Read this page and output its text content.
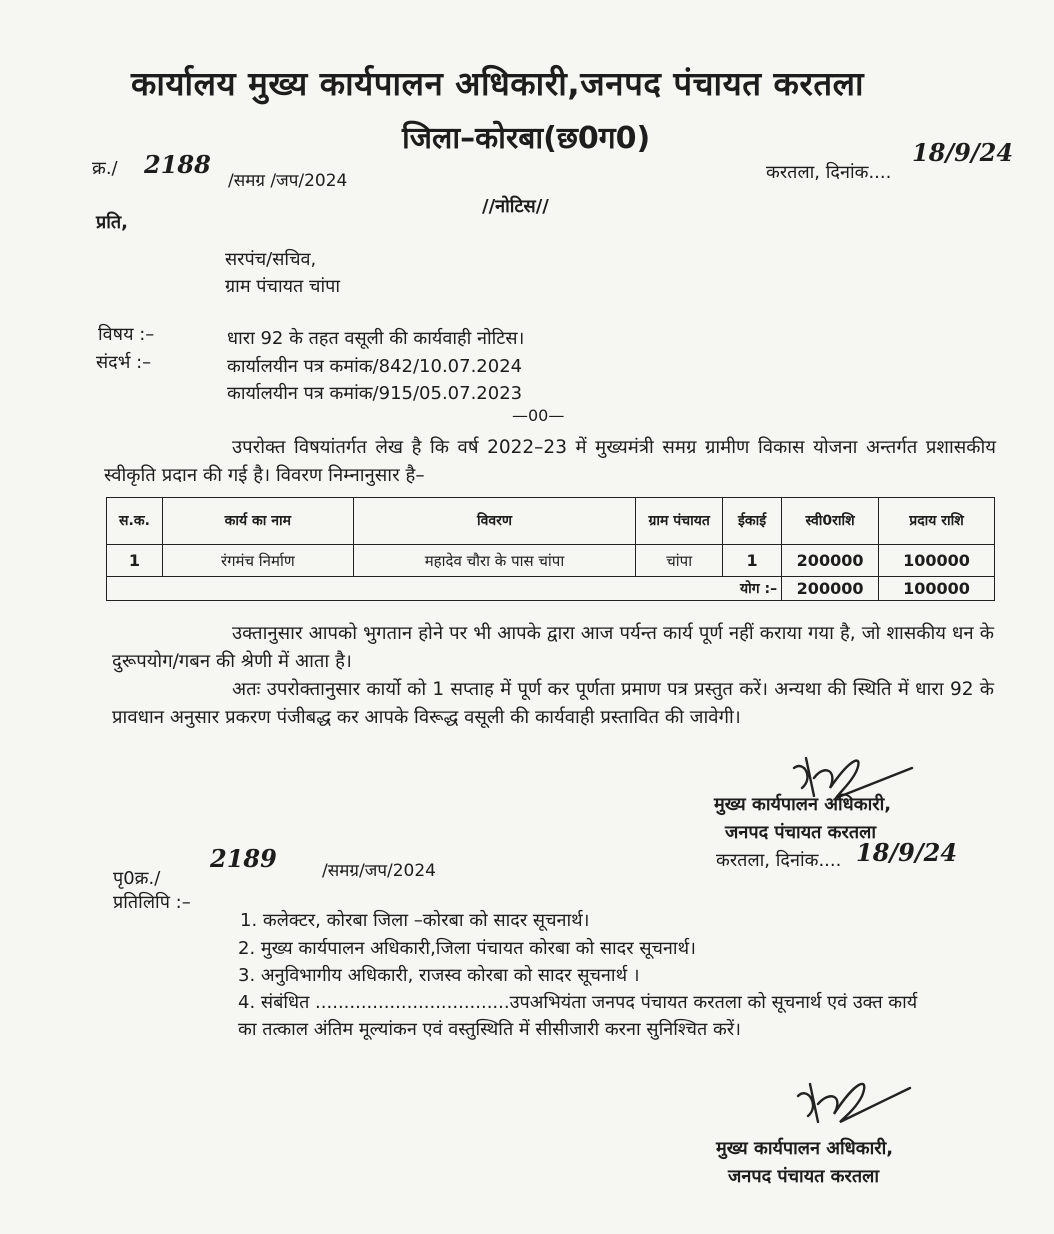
कार्यालय मुख्य कार्यपालन अधिकारी,जनपद पंचायत करतला
जिला–कोरबा(छ0ग0)
क्र./ 2188
/समग्र /जप/2024	करतला, दिनांक....
18/9/24
//नोटिस//
प्रति,
सरपंच/सचिव,
ग्राम पंचायत चांपा
विषय :–	धारा 92 के तहत वसूली की कार्यवाही नोटिस।
संदर्भ :–	कार्यालयीन पत्र कमांक/842/10.07.2024
कार्यालयीन पत्र कमांक/915/05.07.2023
—00—
उपरोक्त विषयांतर्गत लेख है कि वर्ष 2022–23 में मुख्यमंत्री समग्र ग्रामीण विकास योजना अन्तर्गत प्रशासकीय स्वीकृति प्रदान की गई है। विवरण निम्नानुसार है–
स.क.	कार्य का नाम	विवरण	ग्राम पंचायत	ईकाई	स्वी0राशि	प्रदाय राशि
1	रंगमंच निर्माण	महादेव चौरा के पास चांपा	चांपा	1	200000	100000
योग :–					200000	100000
उक्तानुसार आपको भुगतान होने पर भी आपके द्वारा आज पर्यन्त कार्य पूर्ण नहीं कराया गया है, जो शासकीय धन के दुरूपयोग/गबन की श्रेणी में आता है।
अतः उपरोक्तानुसार कार्यो को 1 सप्ताह में पूर्ण कर पूर्णता प्रमाण पत्र प्रस्तुत करें। अन्यथा की स्थिति में धारा 92 के प्रावधान अनुसार प्रकरण पंजीबद्ध कर आपके विरूद्ध वसूली की कार्यवाही प्रस्तावित की जावेगी।
मुख्य कार्यपालन अधिकारी,
जनपद पंचायत करतला
करतला, दिनांक.... 18/9/24
पृ0क्र./
2189	/समग्र/जप/2024
प्रतिलिपि :–
1. कलेक्टर, कोरबा जिला –कोरबा को सादर सूचनार्थ।
2. मुख्य कार्यपालन अधिकारी,जिला पंचायत कोरबा को सादर सूचनार्थ।
3. अनुविभागीय अधिकारी, राजस्व कोरबा को सादर सूचनार्थ ।
4. संबंधित ..................................उपअभियंता जनपद पंचायत करतला को सूचनार्थ एवं उक्त कार्य
का तत्काल अंतिम मूल्यांकन एवं वस्तुस्थिति में सीसीजारी करना सुनिश्चित करें।
मुख्य कार्यपालन अधिकारी,
जनपद पंचायत करतला
